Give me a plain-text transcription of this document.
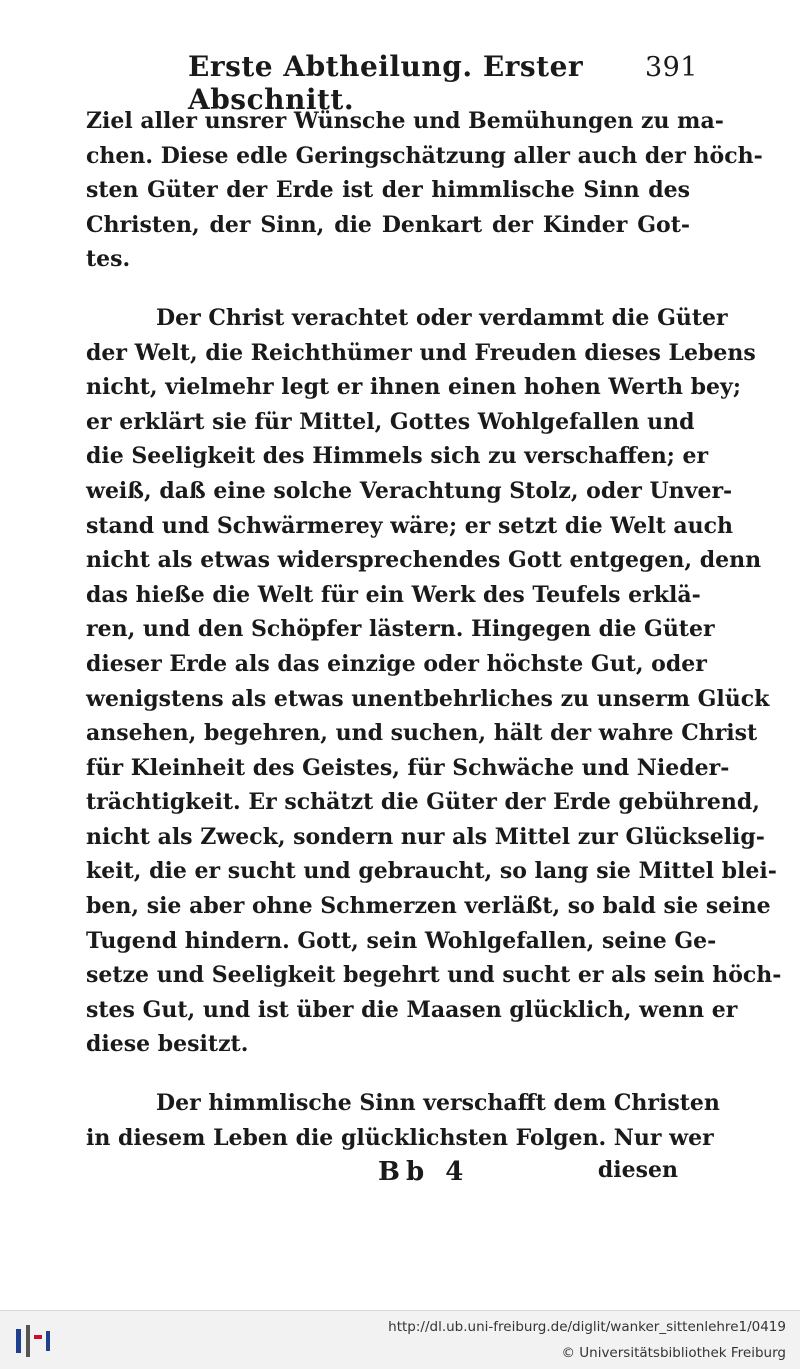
Erste Abtheilung. Erster Abschnitt.
391
Ziel aller unsrer Wünsche und Bemühungen zu ma-
chen. Diese edle Geringschätzung aller auch der höch-
sten Güter der Erde ist der himmlische Sinn des
Christen, der Sinn, die Denkart der Kinder Got-
tes.
Der Christ verachtet oder verdammt die Güter
der Welt, die Reichthümer und Freuden dieses Lebens
nicht, vielmehr legt er ihnen einen hohen Werth bey;
er erklärt sie für Mittel, Gottes Wohlgefallen und
die Seeligkeit des Himmels sich zu verschaffen; er
weiß, daß eine solche Verachtung Stolz, oder Unver-
stand und Schwärmerey wäre; er setzt die Welt auch
nicht als etwas widersprechendes Gott entgegen, denn
das hieße die Welt für ein Werk des Teufels erklä-
ren, und den Schöpfer lästern. Hingegen die Güter
dieser Erde als das einzige oder höchste Gut, oder
wenigstens als etwas unentbehrliches zu unserm Glück
ansehen, begehren, und suchen, hält der wahre Christ
für Kleinheit des Geistes, für Schwäche und Nieder-
trächtigkeit. Er schätzt die Güter der Erde gebührend,
nicht als Zweck, sondern nur als Mittel zur Glückselig-
keit, die er sucht und gebraucht, so lang sie Mittel blei-
ben, sie aber ohne Schmerzen verläßt, so bald sie seine
Tugend hindern. Gott, sein Wohlgefallen, seine Ge-
setze und Seeligkeit begehrt und sucht er als sein höch-
stes Gut, und ist über die Maasen glücklich, wenn er
diese besitzt.
Der himmlische Sinn verschafft dem Christen
in diesem Leben die glücklichsten Folgen. Nur wer
Bb 4	diesen
http://dl.ub.uni-freiburg.de/diglit/wanker_sittenlehre1/0419
© Universitätsbibliothek Freiburg
